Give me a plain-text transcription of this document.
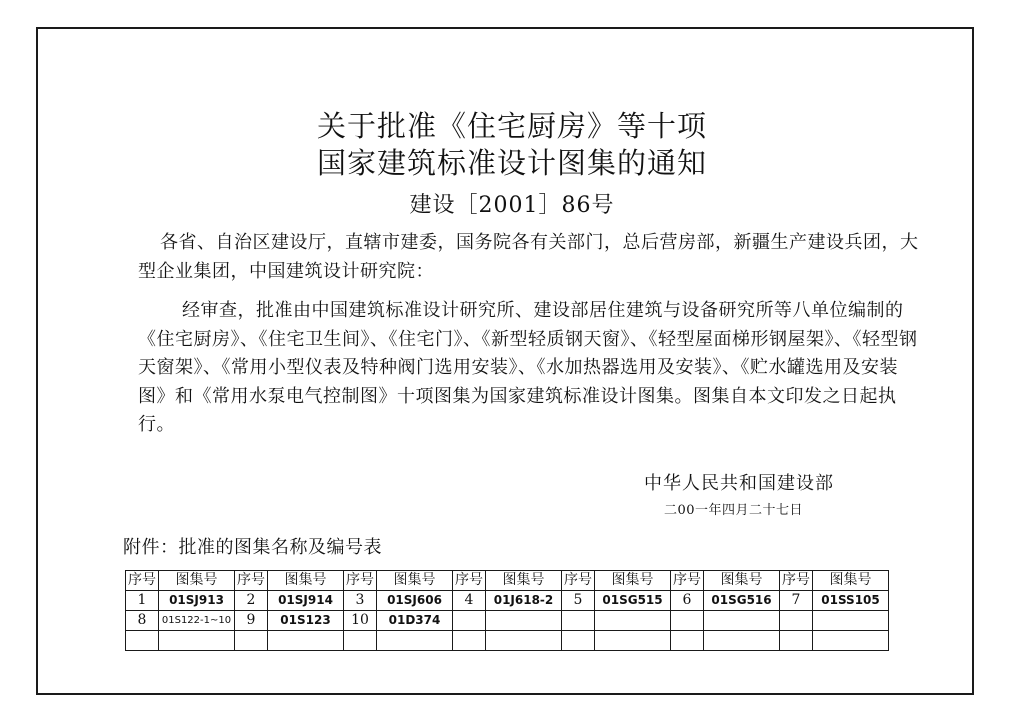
关于批准《住宅厨房》等十项
国家建筑标准设计图集的通知
建设［2001］86号

各省、自治区建设厅，直辖市建委，国务院各有关部门，总后营房部，新疆生产建设兵团，大型企业集团，中国建筑设计研究院：

经审查，批准由中国建筑标准设计研究所、建设部居住建筑与设备研究所等八单位编制的《住宅厨房》、《住宅卫生间》、《住宅门》、《新型轻质钢天窗》、《轻型屋面梯形钢屋架》、《轻型钢天窗架》、《常用小型仪表及特种阀门选用安装》、《水加热器选用及安装》、《贮水罐选用及安装图》和《常用水泵电气控制图》十项图集为国家建筑标准设计图集。图集自本文印发之日起执行。

中华人民共和国建设部
二00一年四月二十七日
附件：批准的图集名称及编号表
序号	图集号	序号	图集号	序号	图集号	序号	图集号	序号	图集号	序号	图集号	序号	图集号
1	01SJ913	2	01SJ914	3	01SJ606	4	01J618-2	5	01SG515	6	01SG516	7	01SS105
8	01S122-1~10	9	01S123	10	01D374								
